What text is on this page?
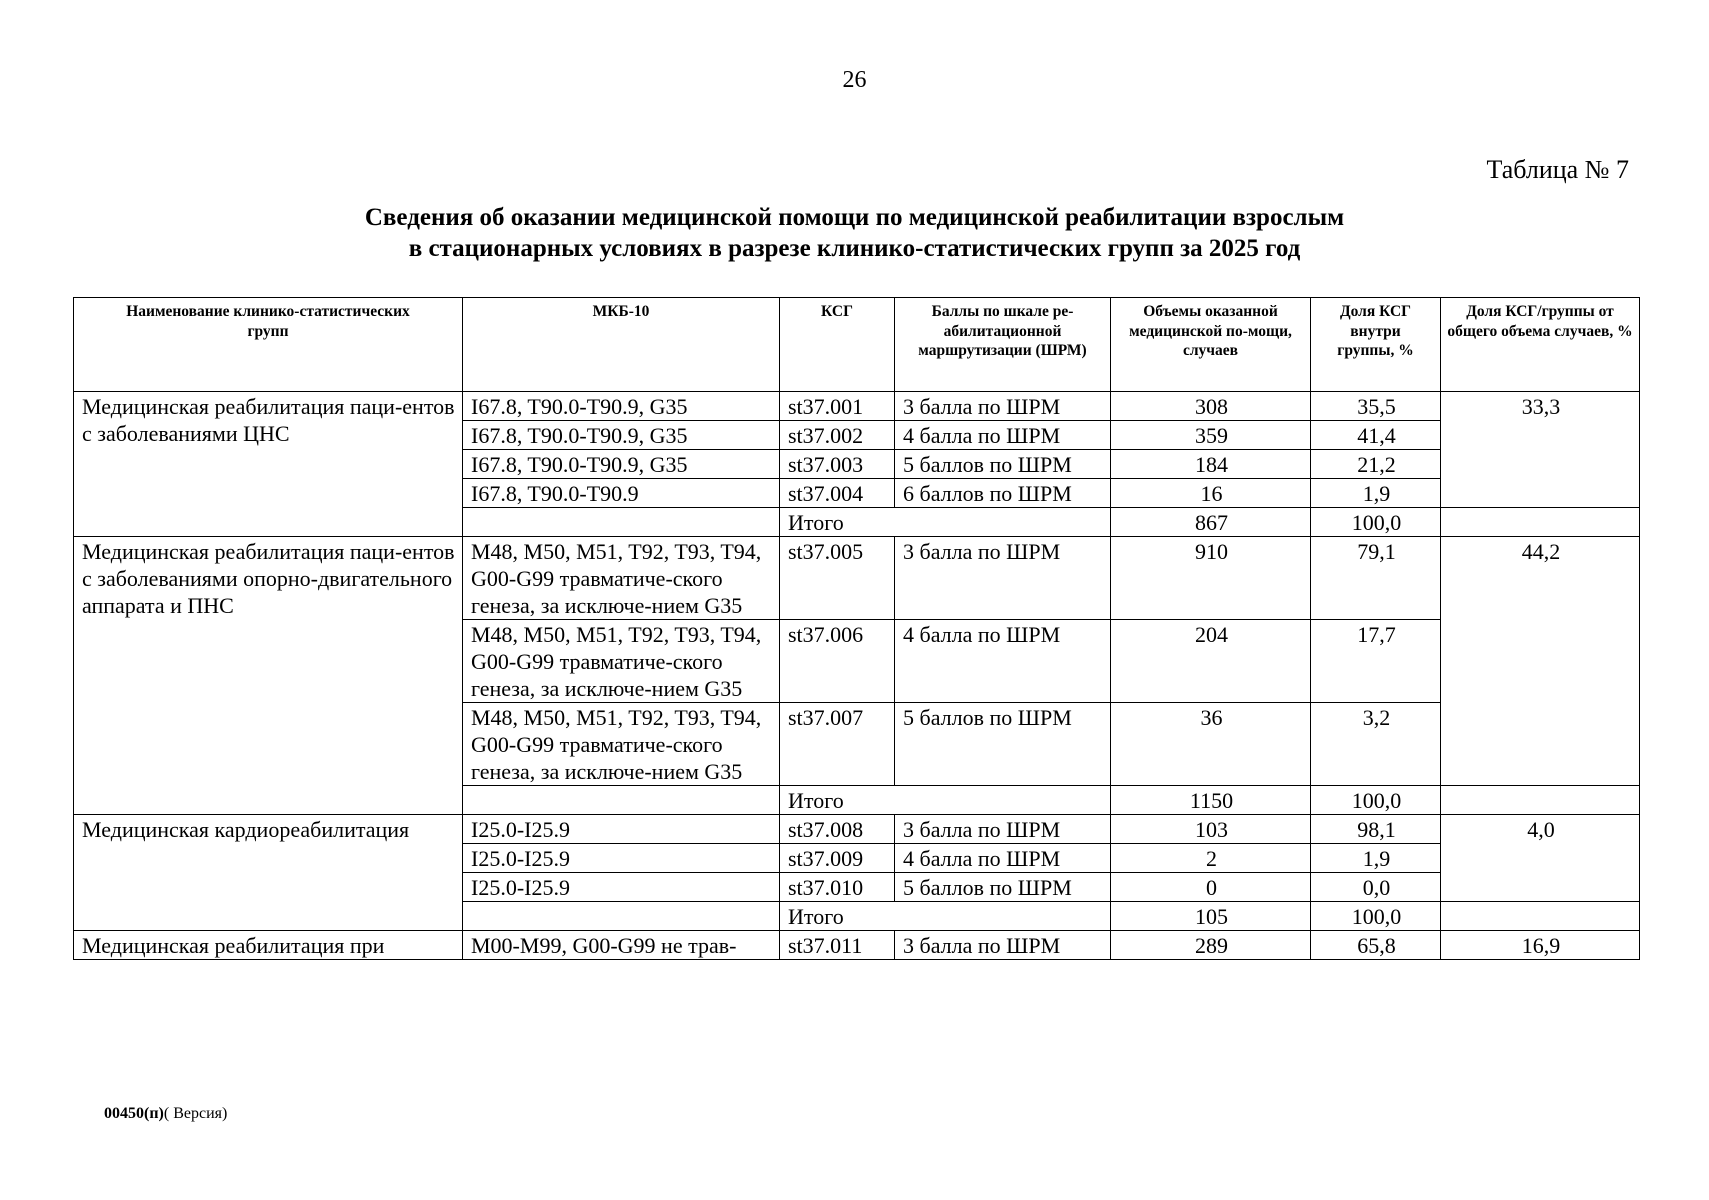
26
Таблица № 7
Сведения об оказании медицинской помощи по медицинской реабилитации взрослым
в стационарных условиях в разрезе клинико-статистических групп за 2025 год
Наименование клинико-статистических групп	МКБ-10	КСГ	Баллы по шкале ре-абилитационной маршрутизации (ШРМ)	Объемы оказанной медицинской по-мощи, случаев	Доля КСГ внутри группы, %	Доля КСГ/группы от общего объема случаев, %
Медицинская реабилитация паци-ентов с заболеваниями ЦНС	I67.8, T90.0-T90.9, G35	st37.001	3 балла по ШРМ	308	35,5	33,3
	I67.8, T90.0-T90.9, G35	st37.002	4 балла по ШРМ	359	41,4	
	I67.8, T90.0-T90.9, G35	st37.003	5 баллов по ШРМ	184	21,2	
	I67.8, T90.0-T90.9	st37.004	6 баллов по ШРМ	16	1,9	
		Итого		867	100,0	
Медицинская реабилитация паци-ентов с заболеваниями опорно-двигательного аппарата и ПНС	M48, M50, M51, T92, T93, T94, G00-G99 травматиче-ского генеза, за исключе-нием G35	st37.005	3 балла по ШРМ	910	79,1	44,2
	M48, M50, M51, T92, T93, T94, G00-G99 травматиче-ского генеза, за исключе-нием G35	st37.006	4 балла по ШРМ	204	17,7	
	M48, M50, M51, T92, T93, T94, G00-G99 травматиче-ского генеза, за исключе-нием G35	st37.007	5 баллов по ШРМ	36	3,2	
		Итого		1150	100,0	
Медицинская кардиореабилитация	I25.0-I25.9	st37.008	3 балла по ШРМ	103	98,1	4,0
	I25.0-I25.9	st37.009	4 балла по ШРМ	2	1,9	
	I25.0-I25.9	st37.010	5 баллов по ШРМ	0	0,0	
		Итого		105	100,0	
Медицинская реабилитация при	M00-M99, G00-G99 не трав-	st37.011	3 балла по ШРМ	289	65,8	16,9
00450(п)( Версия)
